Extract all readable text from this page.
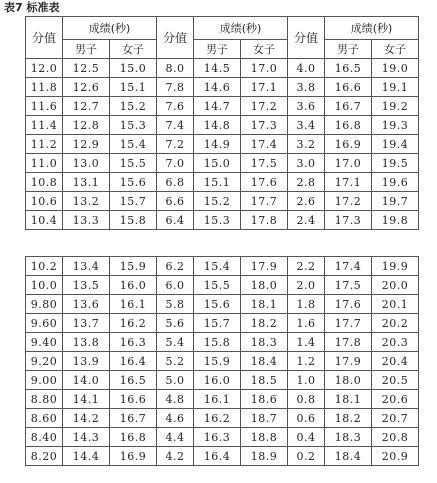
表7 标准表
分值	成绩(秒)		分值	成绩(秒)		分值	成绩(秒)	
	男子	女子		男子	女子		男子	女子
12.0	12.5	15.0	8.0	14.5	17.0	4.0	16.5	19.0
11.8	12.6	15.1	7.8	14.6	17.1	3.8	16.6	19.1
11.6	12.7	15.2	7.6	14.7	17.2	3.6	16.7	19.2
11.4	12.8	15.3	7.4	14.8	17.3	3.4	16.8	19.3
11.2	12.9	15.4	7.2	14.9	17.4	3.2	16.9	19.4
11.0	13.0	15.5	7.0	15.0	17.5	3.0	17.0	19.5
10.8	13.1	15.6	6.8	15.1	17.6	2.8	17.1	19.6
10.6	13.2	15.7	6.6	15.2	17.7	2.6	17.2	19.7
10.4	13.3	15.8	6.4	15.3	17.8	2.4	17.3	19.8
10.2	13.4	15.9	6.2	15.4	17.9	2.2	17.4	19.9
10.0	13.5	16.0	6.0	15.5	18.0	2.0	17.5	20.0
9.80	13.6	16.1	5.8	15.6	18.1	1.8	17.6	20.1
9.60	13.7	16.2	5.6	15.7	18.2	1.6	17.7	20.2
9.40	13.8	16.3	5.4	15.8	18.3	1.4	17.8	20.3
9.20	13.9	16.4	5.2	15.9	18.4	1.2	17.9	20.4
9.00	14.0	16.5	5.0	16.0	18.5	1.0	18.0	20.5
8.80	14.1	16.6	4.8	16.1	18.6	0.8	18.1	20.6
8.60	14.2	16.7	4.6	16.2	18.7	0.6	18.2	20.7
8.40	14.3	16.8	4.4	16.3	18.8	0.4	18.3	20.8
8.20	14.4	16.9	4.2	16.4	18.9	0.2	18.4	20.9
